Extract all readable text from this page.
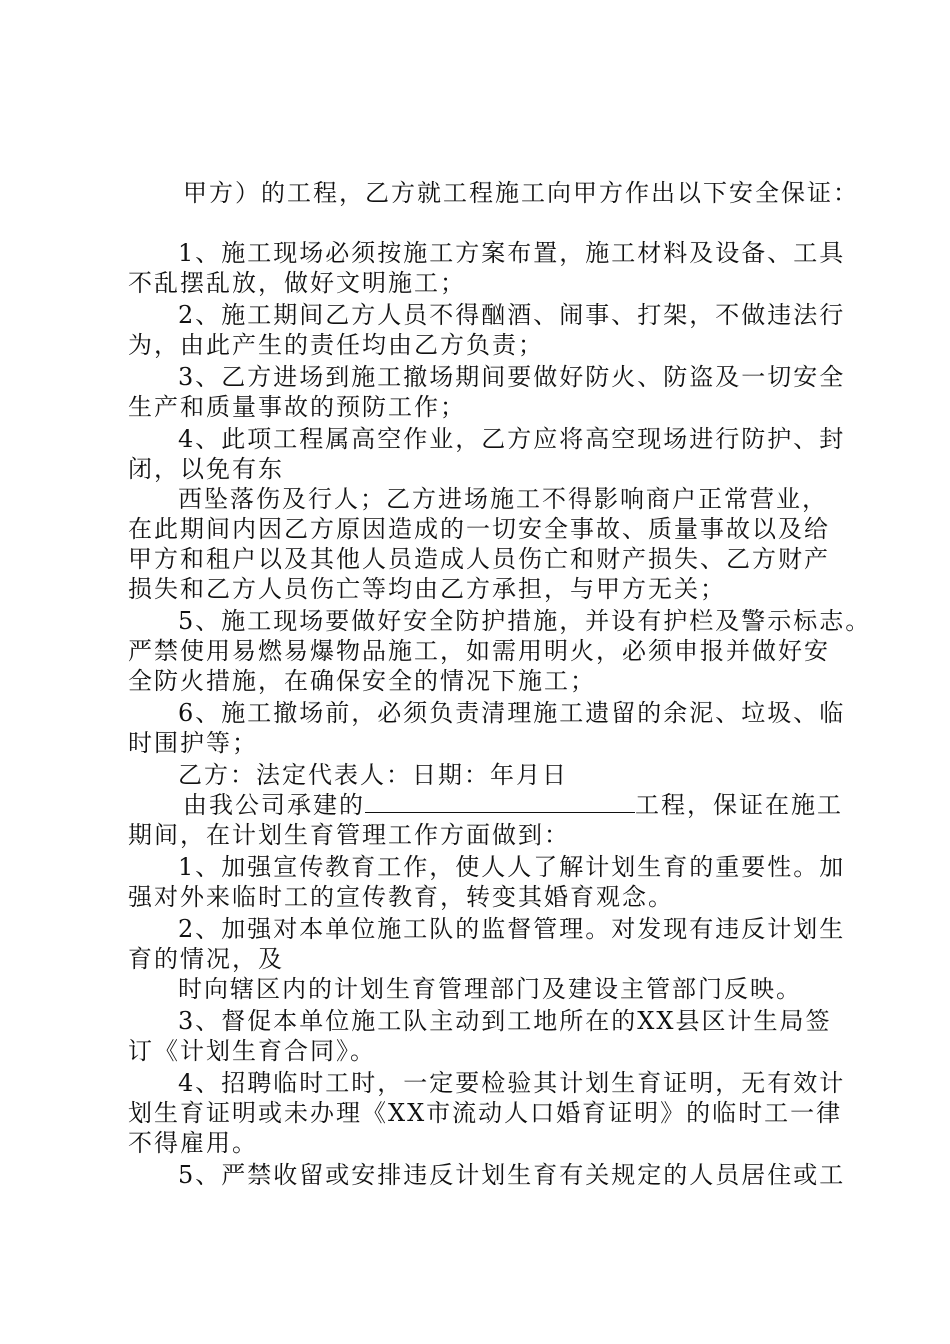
甲方）的工程，乙方就工程施工向甲方作出以下安全保证：
1、施工现场必须按施工方案布置，施工材料及设备、工具
不乱摆乱放，做好文明施工；
2、施工期间乙方人员不得酗酒、闹事、打架，不做违法行
为，由此产生的责任均由乙方负责；
3、乙方进场到施工撤场期间要做好防火、防盗及一切安全
生产和质量事故的预防工作；
4、此项工程属高空作业，乙方应将高空现场进行防护、封
闭，以免有东
西坠落伤及行人；乙方进场施工不得影响商户正常营业，
在此期间内因乙方原因造成的一切安全事故、质量事故以及给
甲方和租户以及其他人员造成人员伤亡和财产损失、乙方财产
损失和乙方人员伤亡等均由乙方承担，与甲方无关；
5、施工现场要做好安全防护措施，并设有护栏及警示标志。
严禁使用易燃易爆物品施工，如需用明火，必须申报并做好安
全防火措施，在确保安全的情况下施工；
6、施工撤场前，必须负责清理施工遗留的余泥、垃圾、临
时围护等；
乙方：法定代表人：日期：年月日
由我公司承建的	工程，保证在施工
期间，在计划生育管理工作方面做到：
1、加强宣传教育工作，使人人了解计划生育的重要性。加
强对外来临时工的宣传教育，转变其婚育观念。
2、加强对本单位施工队的监督管理。对发现有违反计划生
育的情况，及
时向辖区内的计划生育管理部门及建设主管部门反映。
3、督促本单位施工队主动到工地所在的XX县区计生局签
订《计划生育合同》。
4、招聘临时工时，一定要检验其计划生育证明，无有效计
划生育证明或未办理《XX市流动人口婚育证明》的临时工一律
不得雇用。
5、严禁收留或安排违反计划生育有关规定的人员居住或工
